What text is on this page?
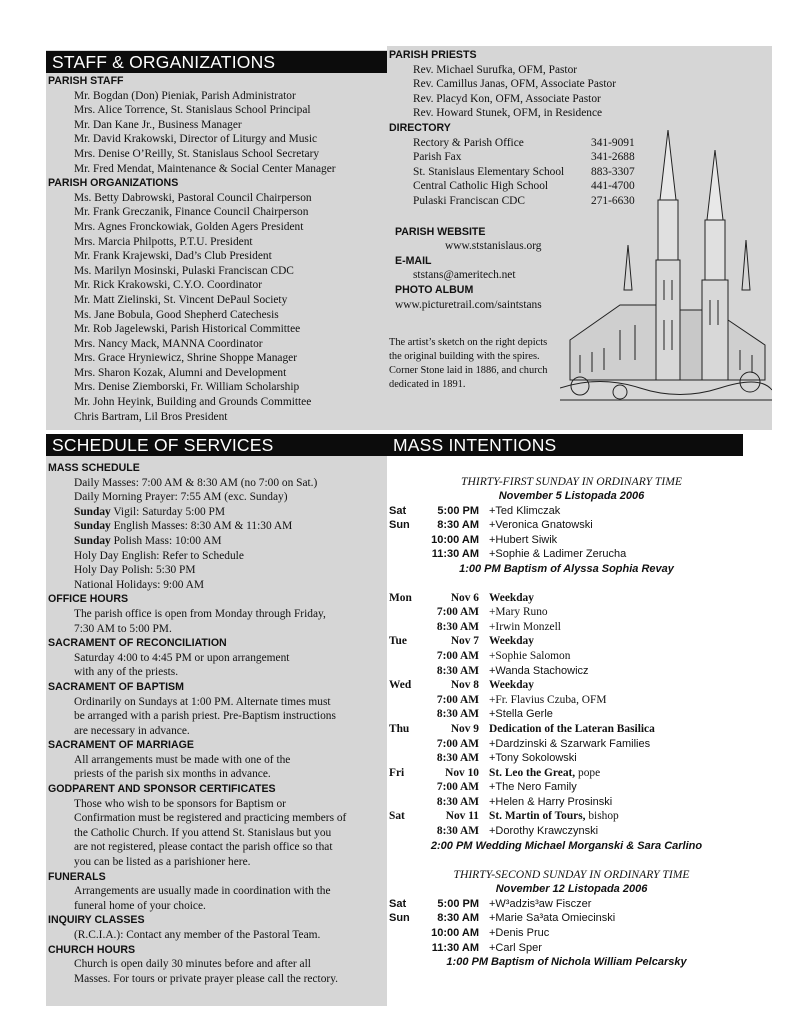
STAFF & ORGANIZATIONS
SCHEDULE OF SERVICES	MASS INTENTIONS
PARISH STAFF
Mr. Bogdan (Don) Pieniak, Parish Administrator
Mrs. Alice Torrence, St. Stanislaus School Principal
Mr. Dan Kane Jr., Business Manager
Mr. David Krakowski, Director of Liturgy and Music
Mrs. Denise O’Reilly, St. Stanislaus School Secretary
Mr. Fred Mendat, Maintenance & Social Center Manager
PARISH ORGANIZATIONS
Ms. Betty Dabrowski, Pastoral Council Chairperson
Mr. Frank Greczanik, Finance Council Chairperson
Mrs. Agnes Fronckowiak, Golden Agers President
Mrs. Marcia Philpotts, P.T.U. President
Mr. Frank Krajewski, Dad’s Club President
Ms. Marilyn Mosinski, Pulaski Franciscan CDC
Mr. Rick Krakowski, C.Y.O. Coordinator
Mr. Matt Zielinski, St. Vincent DePaul Society
Ms. Jane Bobula, Good Shepherd Catechesis
Mr. Rob Jagelewski, Parish Historical Committee
Mrs. Nancy Mack, MANNA Coordinator
Mrs. Grace Hryniewicz, Shrine Shoppe Manager
Mrs. Sharon Kozak, Alumni and Development
Mrs. Denise Ziemborski, Fr. William Scholarship
Mr. John Heyink, Building and Grounds Committee
Chris Bartram, Lil Bros President
PARISH PRIESTS
Rev. Michael Surufka, OFM, Pastor
Rev. Camillus Janas, OFM, Associate Pastor
Rev. Placyd Kon, OFM, Associate Pastor
Rev. Howard Stunek, OFM, in Residence
DIRECTORY
Rectory & Parish Office	341-9091
Parish Fax	341-2688
St. Stanislaus Elementary School	883-3307
Central Catholic High School	441-4700
Pulaski Franciscan CDC	271-6630
PARISH WEBSITE
www.ststanislaus.org
E-MAIL
ststans@ameritech.net
PHOTO ALBUM
www.picturetrail.com/saintstans
The artist’s sketch on the right depicts the original building with the spires. Corner Stone laid in 1886, and church dedicated in 1891.
MASS SCHEDULE
Daily Masses: 7:00 AM & 8:30 AM (no 7:00 on Sat.)
Daily Morning Prayer: 7:55 AM (exc. Sunday)
Sunday Vigil: Saturday 5:00 PM
Sunday English Masses: 8:30 AM & 11:30 AM
Sunday Polish Mass: 10:00 AM
Holy Day English: Refer to Schedule
Holy Day Polish: 5:30 PM
National Holidays: 9:00 AM
OFFICE HOURS
The parish office is open from Monday through Friday,
7:30 AM to 5:00 PM.
SACRAMENT OF RECONCILIATION
Saturday 4:00 to 4:45 PM or upon arrangement
with any of the priests.
SACRAMENT OF BAPTISM
Ordinarily on Sundays at 1:00 PM. Alternate times must
be arranged with a parish priest. Pre-Baptism instructions
are necessary in advance.
SACRAMENT OF MARRIAGE
All arrangements must be made with one of the
priests of the parish six months in advance.
GODPARENT AND SPONSOR CERTIFICATES
Those who wish to be sponsors for Baptism or
Confirmation must be registered and practicing members of
the Catholic Church. If you attend St. Stanislaus but you
are not registered, please contact the parish office so that
you can be listed as a parishioner here.
FUNERALS
Arrangements are usually made in coordination with the
funeral home of your choice.
INQUIRY CLASSES
(R.C.I.A.): Contact any member of the Pastoral Team.
CHURCH HOURS
Church is open daily 30 minutes before and after all
Masses. For tours or private prayer please call the rectory.
THIRTY-FIRST SUNDAY IN ORDINARY TIME
November 5 Listopada 2006
Sat	5:00 PM +Ted Klimczak
Sun	8:30 AM +Veronica Gnatowski
10:00 AM +Hubert Siwik
11:30 AM +Sophie & Ladimer Zerucha
1:00 PM Baptism of Alyssa Sophia Revay
Mon	Nov 6 Weekday
7:00 AM +Mary Runo
8:30 AM +Irwin Monzell
Tue	Nov 7 Weekday
7:00 AM +Sophie Salomon
8:30 AM +Wanda Stachowicz
Wed	Nov 8 Weekday
7:00 AM +Fr. Flavius Czuba, OFM
8:30 AM +Stella Gerle
Thu	Nov 9 Dedication of the Lateran Basilica
7:00 AM +Dardzinski & Szarwark Families
8:30 AM +Tony Sokolowski
Fri	Nov 10 St. Leo the Great, pope
7:00 AM +The Nero Family
8:30 AM +Helen & Harry Prosinski
Sat	Nov 11 St. Martin of Tours, bishop
8:30 AM +Dorothy Krawczynski
2:00 PM Wedding Michael Morganski & Sara Carlino
THIRTY-SECOND SUNDAY IN ORDINARY TIME
November 12 Listopada 2006
Sat	5:00 PM +W³adzis³aw Fisczer
Sun	8:30 AM +Marie Sa³ata Omiecinski
10:00 AM +Denis Pruc
11:30 AM +Carl Sper
1:00 PM Baptism of Nichola William Pelcarsky
